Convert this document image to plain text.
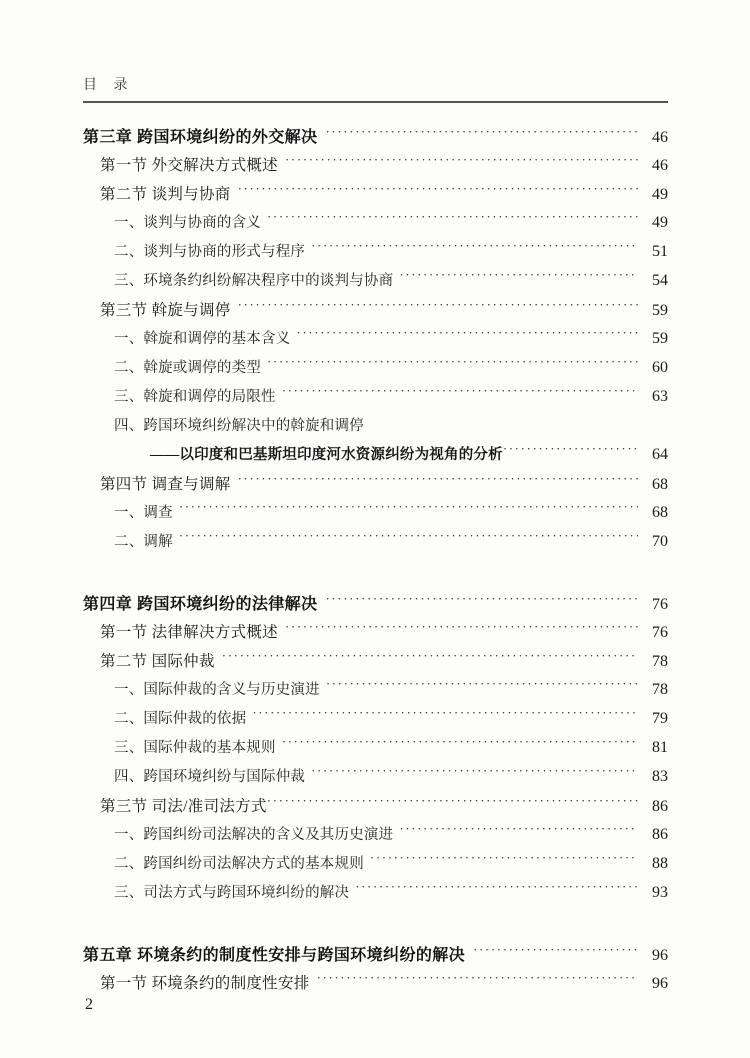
目    录
第三章 跨国环境纠纷的外交解决 ·····	46
第一节 外交解决方式概述 ·····	46
第二节 谈判与协商 ·····	49
一、谈判与协商的含义 ·····	49
二、谈判与协商的形式与程序 ·····	51
三、环境条约纠纷解决程序中的谈判与协商 ·····	54
第三节 斡旋与调停 ·····	59
一、斡旋和调停的基本含义 ·····	59
二、斡旋或调停的类型 ·····	60
三、斡旋和调停的局限性 ·····	63
四、跨国环境纠纷解决中的斡旋和调停
——以印度和巴基斯坦印度河水资源纠纷为视角的分析 ·····	64
第四节 调查与调解 ·····	68
一、调查 ·····	68
二、调解 ·····	70
第四章 跨国环境纠纷的法律解决 ·····	76
第一节 法律解决方式概述 ·····	76
第二节 国际仲裁 ·····	78
一、国际仲裁的含义与历史演进 ·····	78
二、国际仲裁的依据 ·····	79
三、国际仲裁的基本规则 ·····	81
四、跨国环境纠纷与国际仲裁 ·····	83
第三节 司法/准司法方式 ·····	86
一、跨国纠纷司法解决的含义及其历史演进 ·····	86
二、跨国纠纷司法解决方式的基本规则 ·····	88
三、司法方式与跨国环境纠纷的解决 ·····	93
第五章 环境条约的制度性安排与跨国环境纠纷的解决 ·····	96
第一节 环境条约的制度性安排 ·····	96
2
